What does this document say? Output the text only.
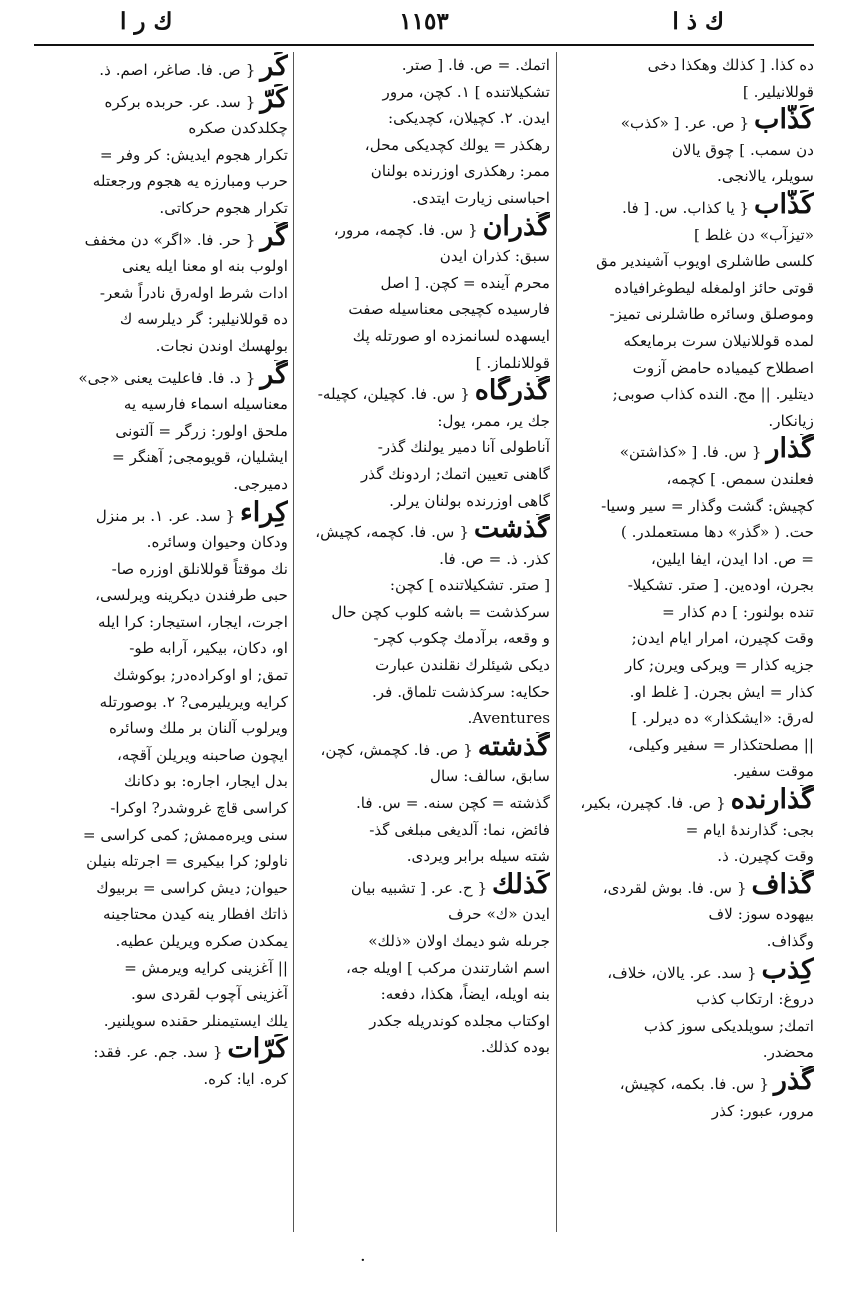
ك ر ا	١١٥٣	ك ذ ا
ده كذا. [ كذلك وهكذا دخى
قوللانيلير. ]
كَذّاب { ص. عر. [ «كذب»
دن سمب. ] چوق يالان
سويلر، يالانجى.
كَذّاب { يا كذاب. س. [ فا.
«تيزآب» دن غلط ]
كلسى طاشلرى اويوب آشيندير مق
قوتى حائز اولمغله ليطوغرافياده
وموصلق وسائره طاشلرنى تميز-
لمده قوللانيلان سرت برمايعكه
اصطلاح كيمياده حامض آزوت
ديتلير. || مج. النده كذاب صوبى;
زيانكار.
گُذار { س. فا. [ «كذاشتن»
فعلندن سمص. ] كچمه،
كچيش: گشت وگذار = سير وسيا-
حت. ( «گذر» دها مستعملدر. )
= ص. ادا ايدن، ايفا ايلين،
بجرن، اودەين. [ صتر. تشكيلا-
تنده بولنور: ] دم كذار =
وقت كچيرن، امرار ايام ايدن;
جزيه كذار = ويركى ويرن; كار
كذار = ايش بجرن. [ غلط او.
لەرق: «ايشكذار» ده ديرلر. ]
|| مصلحتكذار = سفير وكيلى،
موقت سفير.
گُذارنده { ص. فا. كچيرن، بكير،
بجى: گذارندهٔ ايام =
وقت كچيرن. ذ.
گُذاف { س. فا. بوش لقردى،
بيهوده سوز: لاف
وگذاف.
كِذب { سد. عر. يالان، خلاف،
دروغ: ارتكاب كذب
اتمك; سويلديكى سوز كذب
محضدر.
گُذر { س. فا. بكمه، كچيش،
مرور، عبور: كذر
اتمك. = ص. فا. [ صتر.
تشكيلاتنده ] ١. كچن، مرور
ايدن. ٢. كچيلان، كچديكى:
رهكذر = يولك كچديكى محل،
ممر: رهكذرى اوزرنده بولنان
احباسنى زيارت ايتدى.
گُذران { س. فا. كچمه، مرور،
سبق: كذران ايدن
محرم آينده = كچن. [ اصل
فارسيده كچيجى معناسيله صفت
ايسهده لسانمزده او صورتله پك
قوللانلماز. ]
گُذرگاه { س. فا. كچيلن، كچيله-
جك ير، ممر، يول:
آناطولى آنا دمير يولنك گذر-
گاهنى تعيين اتمك; اردونك گذر
گاهى اوزرنده بولنان يرلر.
گُذشت { س. فا. كچمه، كچيش،
كذر. ذ. = ص. فا.
[ صتر. تشكيلاتنده ] كچن:
سركذشت = باشه كلوب كچن حال
و وقعه، برآدمك چكوب كچر-
ديكى شيئلرك نقلندن عبارت
حكايه: سركذشت تلماق. فر.
Aventures.
گُذشته { ص. فا. كچمش، كچن،
سابق، سالف: سال
گذشته = كچن سنه. = س. فا.
فائض، نما: آلديغى مبلغى گذ-
شته سيله برابر ويردى.
كَذلك { ح. عر. [ تشبيه بيان
ايدن «ك» حرف
جرىله شو ديمك اولان «ذلك»
اسم اشارتندن مركب ] اويله جه،
بنه اويله، ايضاً، هكذا، دفعه:
اوكتاب مجلده كوندريله جكدر
بوده كذلك.
كَر { ص. فا. صاغر، اصم. ذ.
كَرّ { سد. عر. حربده بركره
چكلدكدن صكره
تكرار هجوم ايديش: كر وفر =
حرب ومبارزه يه هجوم ورجعتله
تكرار هجوم حركاتى.
گَر { حر. فا. «اگر» دن مخفف
اولوب بنه او معنا ايله يعنى
ادات شرط اولەرق نادراً شعر-
ده قوللانيلير: گر ديلرسه ك
بولهسك اوندن نجات.
گَر { د. فا. فاعليت يعنى «جى»
معناسيله اسماء فارسيه يه
ملحق اولور: زرگر = آلتونى
ايشليان، قويومجى; آهنگر =
دميرجى.
كِراء { سد. عر. ١. بر منزل
ودكان وحيوان وسائره.
نك موقتاً قوللانلق اوزره صا-
حبى طرفندن ديكرينه ويرلسى،
اجرت، ايجار، استيجار: كرا ايله
او، دكان، بيكير، آرابه طو-
تمق; او اوكرادەدر; بوكوشك
كرايه ويريليرمى? ٢. بوصورتله
ويرلوب آلنان بر ملك وسائره
ايچون صاحبنه ويريلن آقچه،
بدل ايجار، اجاره: بو دكانك
كراسى قاچ غروشدر? اوكرا-
سنى ويرەممش; كمى كراسى =
ناولو; كرا بيكيرى = اجرتله بنيلن
حيوان; ديش كراسى = بربيوك
ذاتك افطار ينه كيدن محتاجينه
يمكدن صكره ويريلن عطيه.
|| آغزينى كرايه ويرمش =
آغزينى آچوب لقردى سو.
يلك ايستيمنلر حقنده سويلنير.
كَرّات { سد. جم. عر. فقد:
كره. ايا: كره.
·
